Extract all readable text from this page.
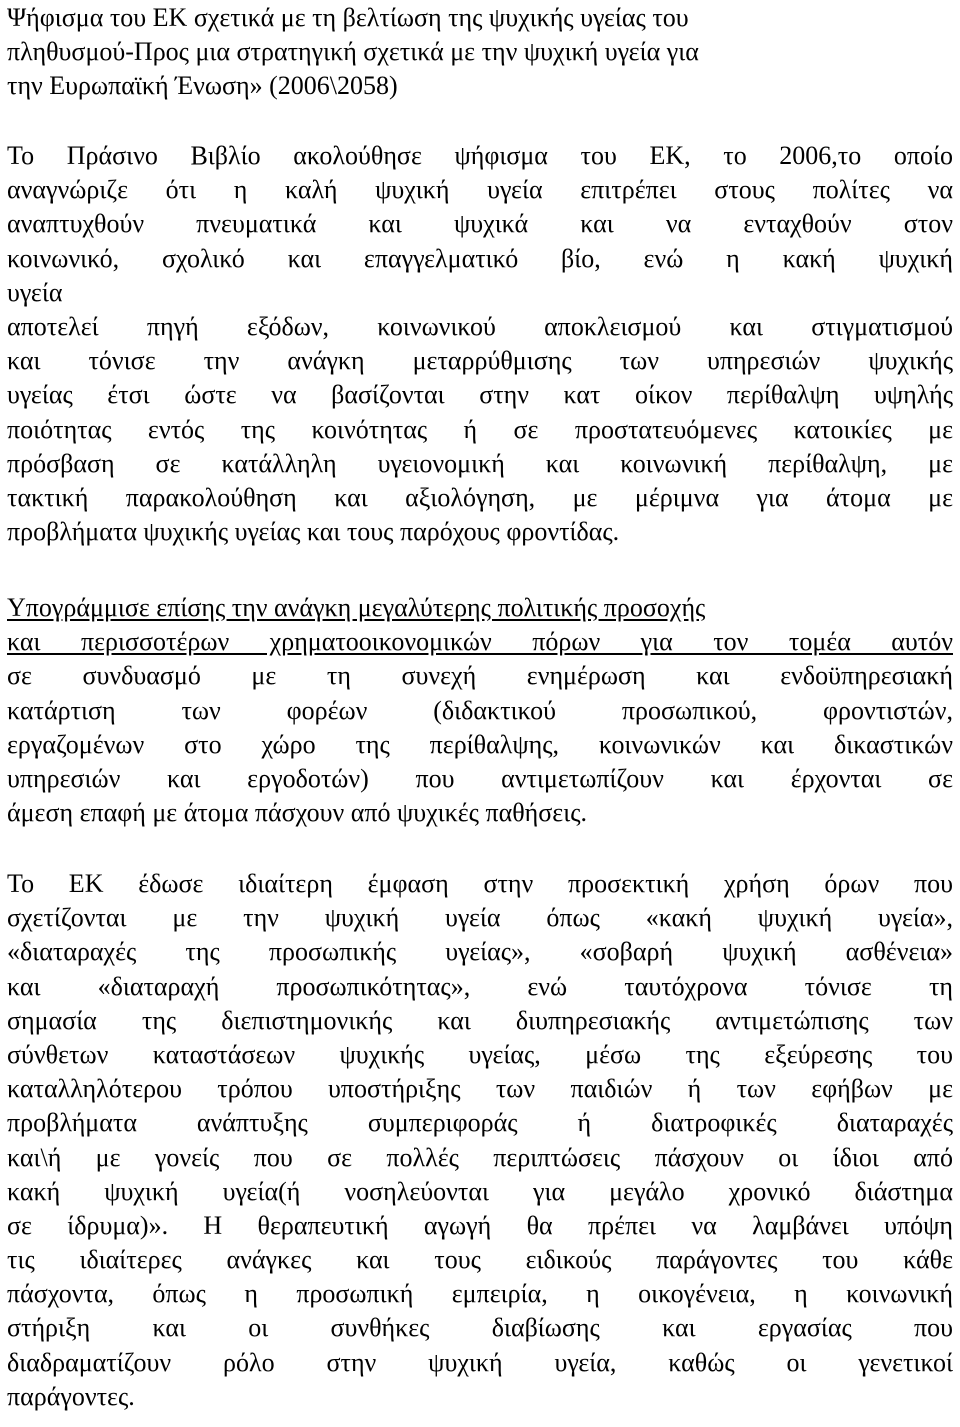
Ψήφισμα του ΕΚ σχετικά με τη βελτίωση της ψυχικής υγείας του
πληθυσμού-Προς μια στρατηγική σχετικά με την ψυχική υγεία για
την Ευρωπαϊκή Ένωση» (2006\2058)
Το Πράσινο Βιβλίο ακολούθησε ψήφισμα του ΕΚ, το 2006,το οποίο
αναγνώριζε ότι η καλή ψυχική υγεία επιτρέπει στους πολίτες να
αναπτυχθούν πνευματικά και ψυχικά και να ενταχθούν στον
κοινωνικό, σχολικό και επαγγελματικό βίο, ενώ η κακή ψυχική
υγεία
αποτελεί πηγή εξόδων, κοινωνικού αποκλεισμού και στιγματισμού
και τόνισε την ανάγκη μεταρρύθμισης των υπηρεσιών ψυχικής
υγείας έτσι ώστε να βασίζονται στην κατ οίκον περίθαλψη υψηλής
ποιότητας εντός της κοινότητας ή σε προστατευόμενες κατοικίες με
πρόσβαση σε κατάλληλη υγειονομική και κοινωνική περίθαλψη, με
τακτική παρακολούθηση και αξιολόγηση, με μέριμνα για άτομα με
προβλήματα ψυχικής υγείας και τους παρόχους φροντίδας.
Υπογράμμισε επίσης την ανάγκη μεγαλύτερης πολιτικής προσοχής
και περισσοτέρων χρηματοοικονομικών πόρων για τον τομέα αυτόν
σε συνδυασμό με τη συνεχή ενημέρωση και ενδοϋπηρεσιακή
κατάρτιση των φορέων (διδακτικού προσωπικού, φροντιστών,
εργαζομένων στο χώρο της περίθαλψης, κοινωνικών και δικαστικών
υπηρεσιών και εργοδοτών) που αντιμετωπίζουν και έρχονται σε
άμεση επαφή με άτομα πάσχουν από ψυχικές παθήσεις.
Το ΕΚ έδωσε ιδιαίτερη έμφαση στην προσεκτική χρήση όρων που
σχετίζονται με την ψυχική υγεία όπως «κακή ψυχική υγεία»,
«διαταραχές της προσωπικής υγείας», «σοβαρή ψυχική ασθένεια»
και «διαταραχή προσωπικότητας», ενώ ταυτόχρονα τόνισε τη
σημασία της διεπιστημονικής και διυπηρεσιακής αντιμετώπισης των
σύνθετων καταστάσεων ψυχικής υγείας, μέσω της εξεύρεσης του
καταλληλότερου τρόπου υποστήριξης των παιδιών ή των εφήβων με
προβλήματα ανάπτυξης συμπεριφοράς ή διατροφικές διαταραχές
και\ή με γονείς που σε πολλές περιπτώσεις πάσχουν οι ίδιοι από
κακή ψυχική υγεία(ή νοσηλεύονται για μεγάλο χρονικό διάστημα
σε ίδρυμα)». Η θεραπευτική αγωγή θα πρέπει να λαμβάνει υπόψη
τις ιδιαίτερες ανάγκες και τους ειδικούς παράγοντες του κάθε
πάσχοντα, όπως η προσωπική εμπειρία, η οικογένεια, η κοινωνική
στήριξη και οι συνθήκες διαβίωσης και εργασίας που
διαδραματίζουν ρόλο στην ψυχική υγεία, καθώς οι γενετικοί
παράγοντες.
